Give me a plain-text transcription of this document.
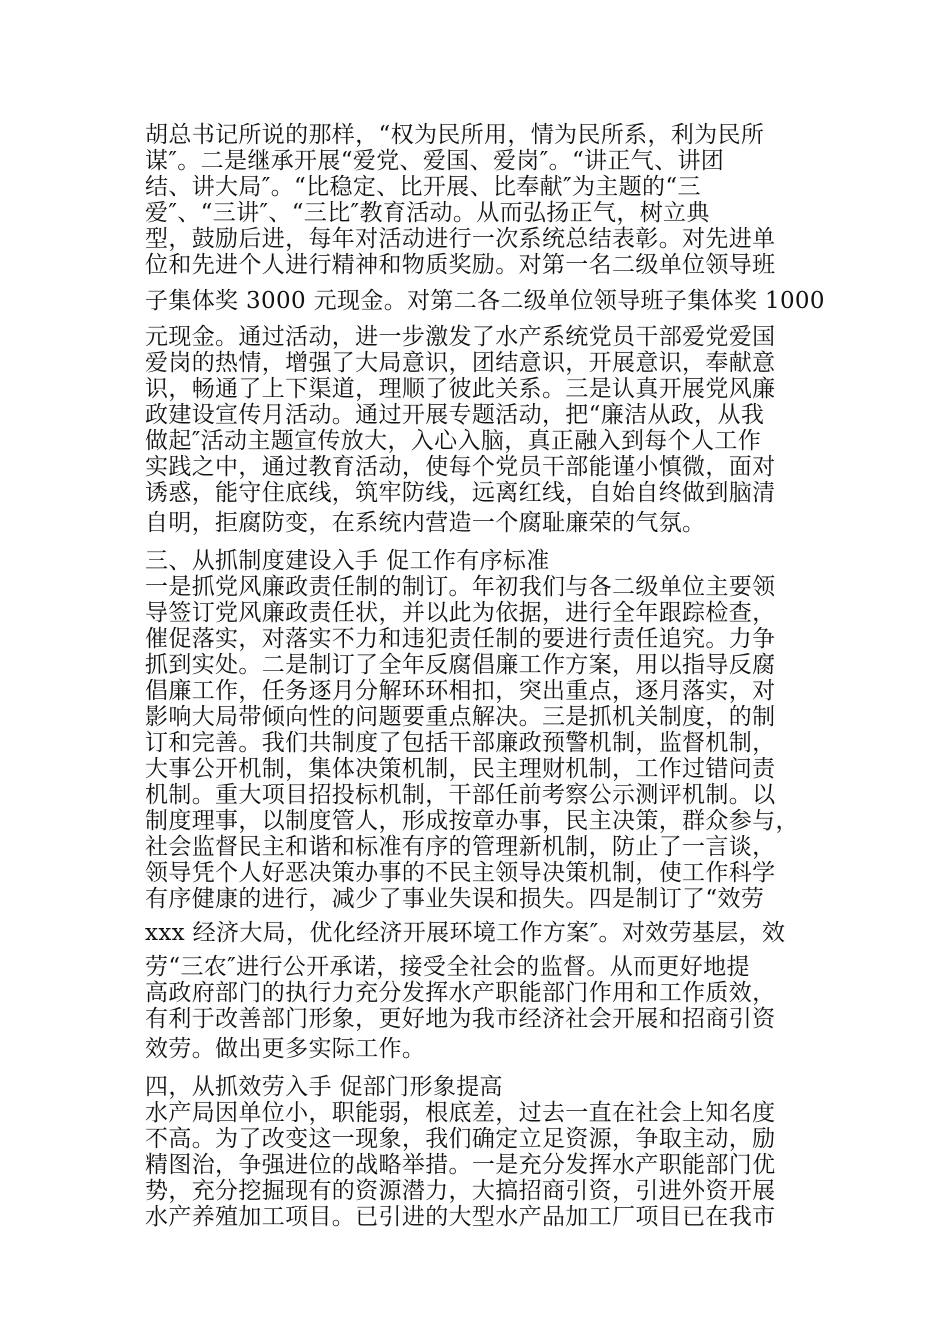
胡总书记所说的那样，“权为民所用，情为民所系，利为民所
谋″。二是继承开展“爱党、爱国、爱岗″。“讲正气、讲团
结、讲大局″。“比稳定、比开展、比奉献″为主题的“三
爱″、“三讲″、“三比″教育活动。从而弘扬正气，树立典
型，鼓励后进，每年对活动进行一次系统总结表彰。对先进单
位和先进个人进行精神和物质奖励。对第一名二级单位领导班
子集体奖 3000 元现金。对第二各二级单位领导班子集体奖 1000
元现金。通过活动，进一步激发了水产系统党员干部爱党爱国
爱岗的热情，增强了大局意识，团结意识，开展意识，奉献意
识，畅通了上下渠道，理顺了彼此关系。三是认真开展党风廉
政建设宣传月活动。通过开展专题活动，把“廉洁从政，从我
做起″活动主题宣传放大，入心入脑，真正融入到每个人工作
实践之中，通过教育活动，使每个党员干部能谨小慎微，面对
诱惑，能守住底线，筑牢防线，远离红线，自始自终做到脑清
自明，拒腐防变，在系统内营造一个腐耻廉荣的气氛。
三、从抓制度建设入手 促工作有序标准
一是抓党风廉政责任制的制订。年初我们与各二级单位主要领
导签订党风廉政责任状，并以此为依据，进行全年跟踪检查，
催促落实，对落实不力和违犯责任制的要进行责任追究。力争
抓到实处。二是制订了全年反腐倡廉工作方案，用以指导反腐
倡廉工作，任务逐月分解环环相扣，突出重点，逐月落实，对
影响大局带倾向性的问题要重点解决。三是抓机关制度，的制
订和完善。我们共制度了包括干部廉政预警机制，监督机制，
大事公开机制，集体决策机制，民主理财机制，工作过错问责
机制。重大项目招投标机制，干部任前考察公示测评机制。以
制度理事，以制度管人，形成按章办事，民主决策，群众参与，
社会监督民主和谐和标准有序的管理新机制，防止了一言谈，
领导凭个人好恶决策办事的不民主领导决策机制，使工作科学
有序健康的进行，减少了事业失误和损失。四是制订了“效劳
xxx 经济大局，优化经济开展环境工作方案″。对效劳基层，效
劳“三农″进行公开承诺，接受全社会的监督。从而更好地提
高政府部门的执行力充分发挥水产职能部门作用和工作质效，
有利于改善部门形象，更好地为我市经济社会开展和招商引资
效劳。做出更多实际工作。
四，从抓效劳入手 促部门形象提高
水产局因单位小，职能弱，根底差，过去一直在社会上知名度
不高。为了改变这一现象，我们确定立足资源，争取主动，励
精图治，争强进位的战略举措。一是充分发挥水产职能部门优
势，充分挖掘现有的资源潜力，大搞招商引资，引进外资开展
水产养殖加工项目。已引进的大型水产品加工厂项目已在我市
